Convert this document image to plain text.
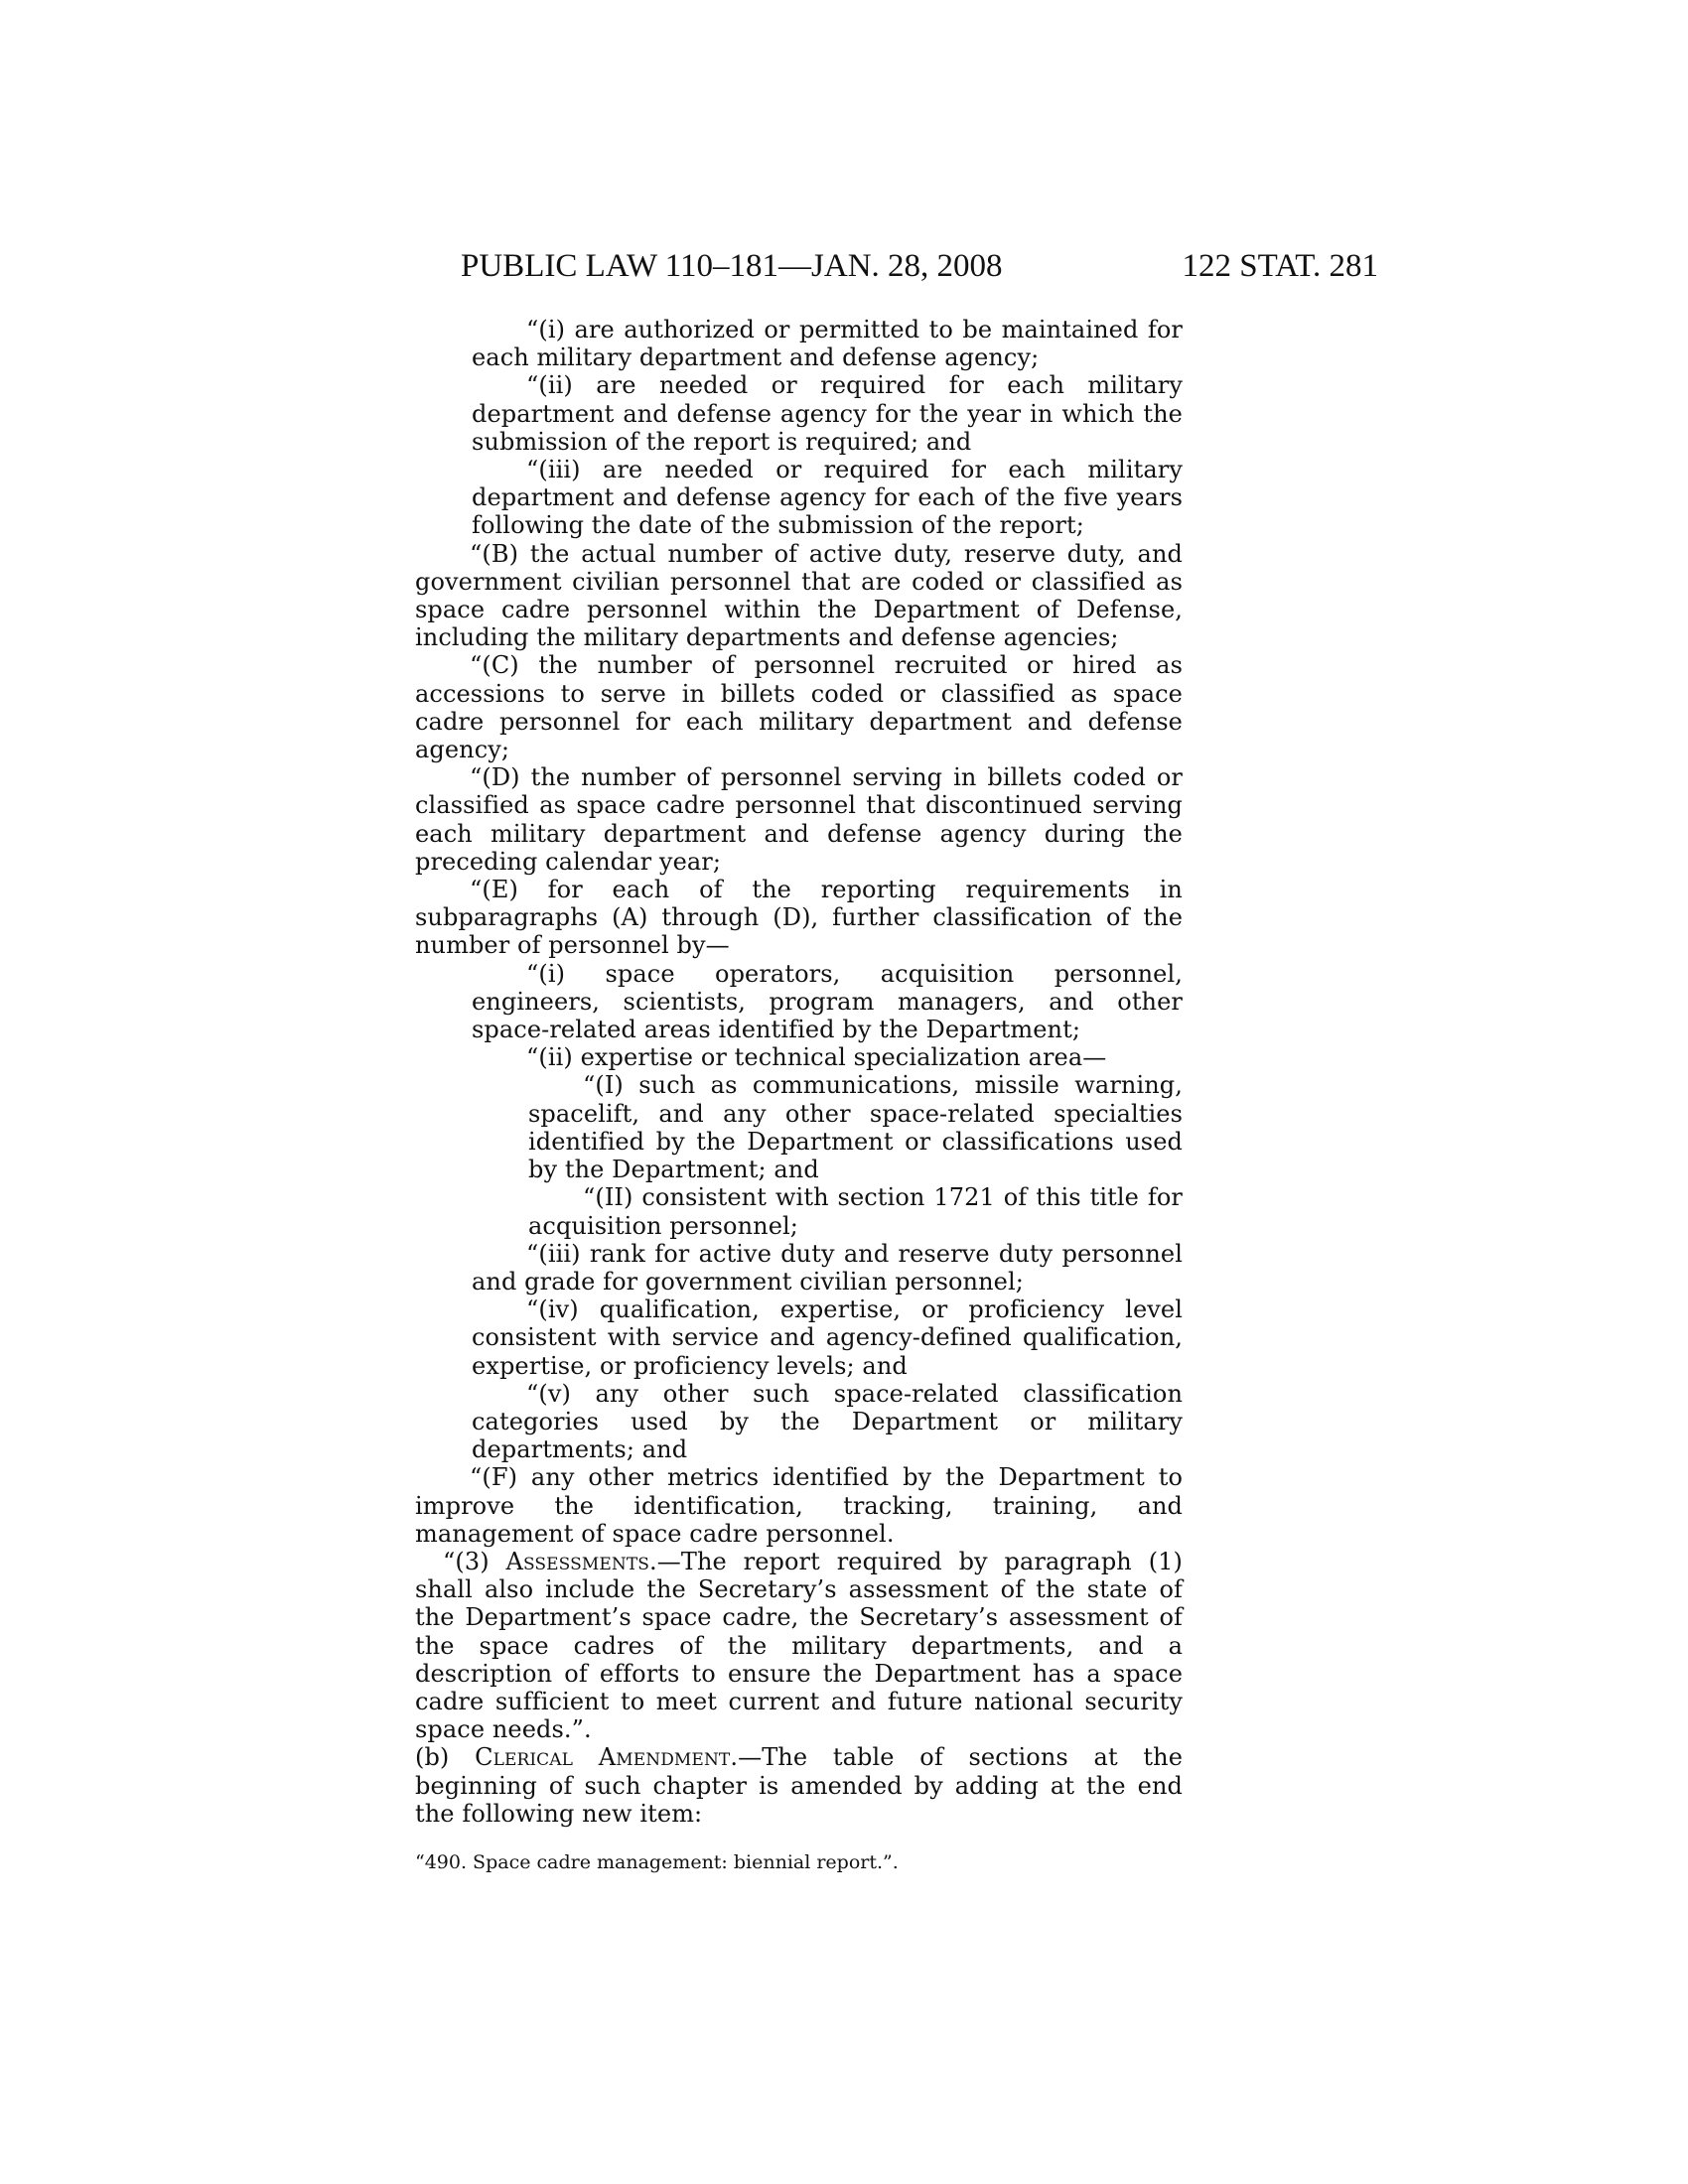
PUBLIC LAW 110–181—JAN. 28, 2008	122 STAT. 281

“(i) are authorized or permitted to be maintained for each military department and defense agency;

“(ii) are needed or required for each military department and defense agency for the year in which the submission of the report is required; and

“(iii) are needed or required for each military department and defense agency for each of the five years following the date of the submission of the report;

“(B) the actual number of active duty, reserve duty, and government civilian personnel that are coded or classified as space cadre personnel within the Department of Defense, including the military departments and defense agencies;

“(C) the number of personnel recruited or hired as accessions to serve in billets coded or classified as space cadre personnel for each military department and defense agency;

“(D) the number of personnel serving in billets coded or classified as space cadre personnel that discontinued serving each military department and defense agency during the preceding calendar year;

“(E) for each of the reporting requirements in subparagraphs (A) through (D), further classification of the number of personnel by—

“(i) space operators, acquisition personnel, engineers, scientists, program managers, and other space-related areas identified by the Department;

“(ii) expertise or technical specialization area—

“(I) such as communications, missile warning, spacelift, and any other space-related specialties identified by the Department or classifications used by the Department; and

“(II) consistent with section 1721 of this title for acquisition personnel;

“(iii) rank for active duty and reserve duty personnel and grade for government civilian personnel;

“(iv) qualification, expertise, or proficiency level consistent with service and agency-defined qualification, expertise, or proficiency levels; and

“(v) any other such space-related classification categories used by the Department or military departments; and

“(F) any other metrics identified by the Department to improve the identification, tracking, training, and management of space cadre personnel.

“(3) Assessments.—The report required by paragraph (1) shall also include the Secretary’s assessment of the state of the Department’s space cadre, the Secretary’s assessment of the space cadres of the military departments, and a description of efforts to ensure the Department has a space cadre sufficient to meet current and future national security space needs.”.

(b) Clerical Amendment.—The table of sections at the beginning of such chapter is amended by adding at the end the following new item:

“490. Space cadre management: biennial report.”.
